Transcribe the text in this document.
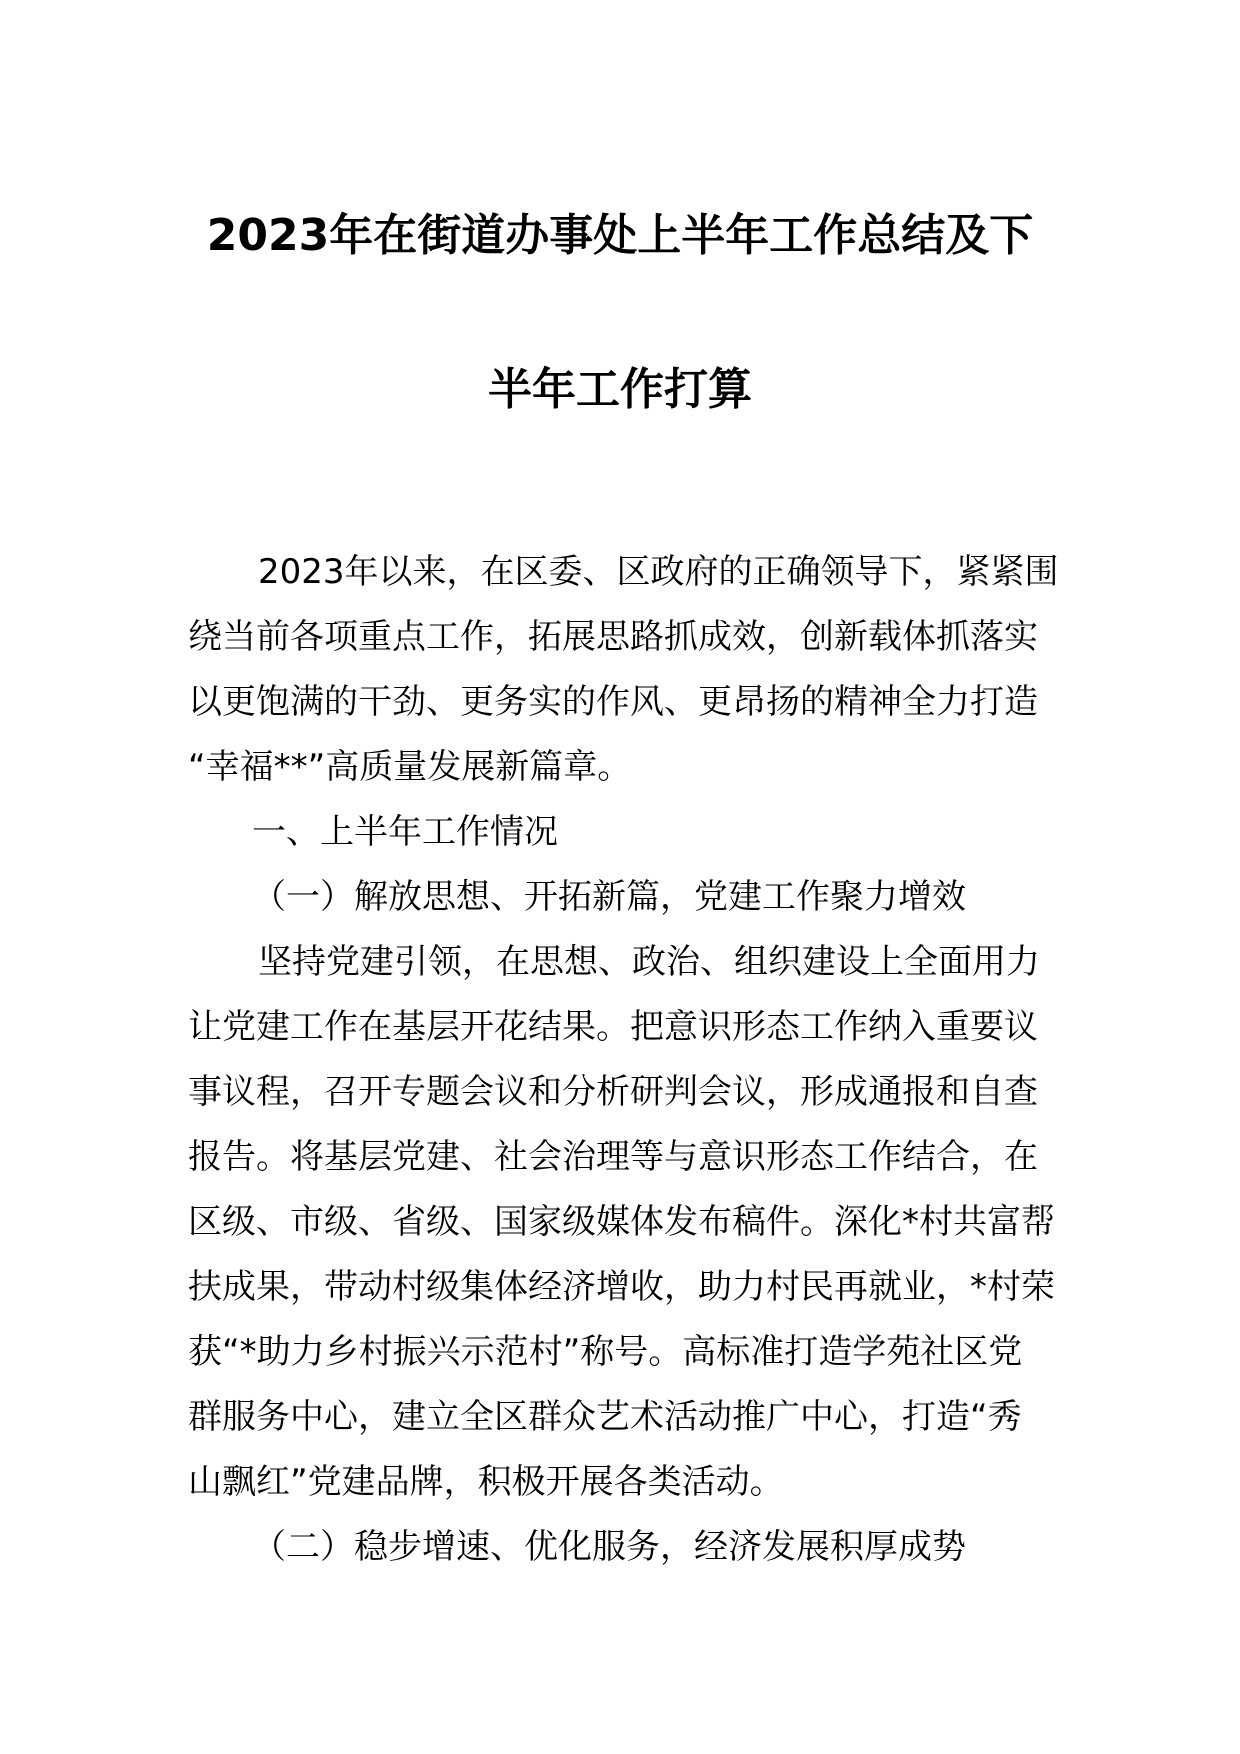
2023年在街道办事处上半年工作总结及下
半年工作打算
2023年以来，在区委、区政府的正确领导下，紧紧围
绕当前各项重点工作，拓展思路抓成效，创新载体抓落实
以更饱满的干劲、更务实的作风、更昂扬的精神全力打造
“幸福**”高质量发展新篇章。
一、上半年工作情况
（一）解放思想、开拓新篇，党建工作聚力增效
坚持党建引领，在思想、政治、组织建设上全面用力
让党建工作在基层开花结果。把意识形态工作纳入重要议
事议程，召开专题会议和分析研判会议，形成通报和自查
报告。将基层党建、社会治理等与意识形态工作结合，在
区级、市级、省级、国家级媒体发布稿件。深化*村共富帮
扶成果，带动村级集体经济增收，助力村民再就业，*村荣
获“*助力乡村振兴示范村”称号。高标准打造学苑社区党
群服务中心，建立全区群众艺术活动推广中心，打造“秀
山飘红”党建品牌，积极开展各类活动。
（二）稳步增速、优化服务，经济发展积厚成势
